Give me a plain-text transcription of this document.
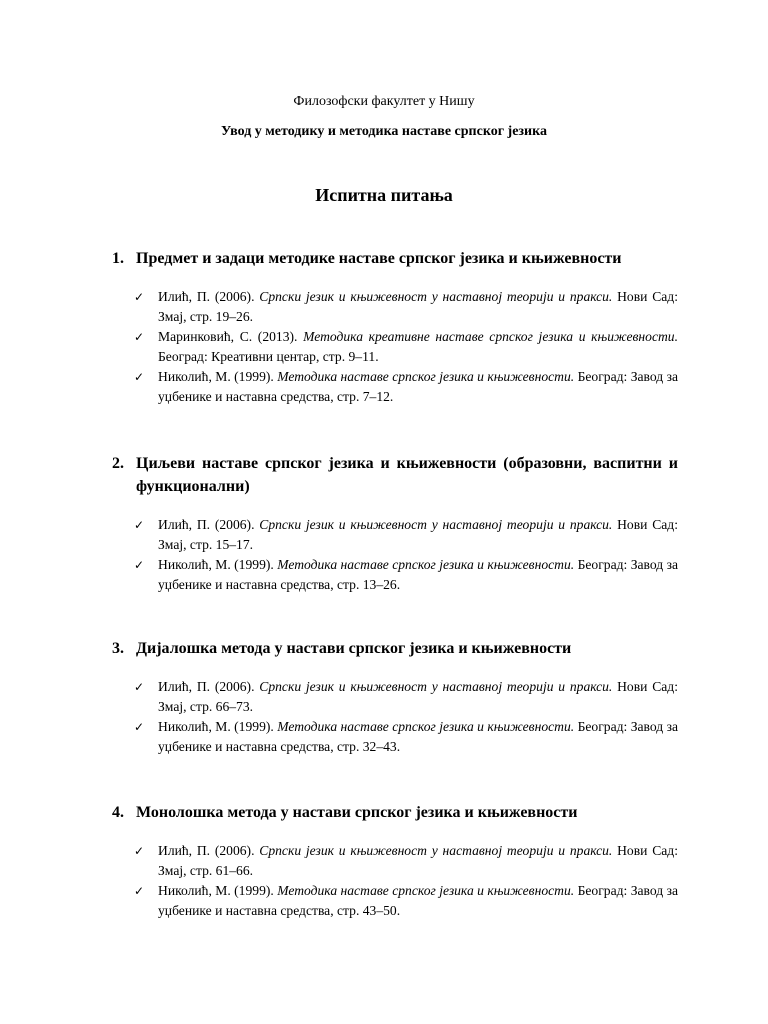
Филозофски факултет у Нишу
Увод у методику и методика наставе српског језика
Испитна питања
1. Предмет и задаци методике наставе српског језика и књижевности
✓	Илић, П. (2006). Српски језик и књижевност у наставној теорији и пракси. Нови Сад: Змај, стр. 19–26.
✓	Маринковић, С. (2013). Методика креативне наставе српског језика и књижевности. Београд: Креативни центар, стр. 9–11.
✓	Николић, М. (1999). Методика наставе српског језика и књижевности. Београд: Завод за уџбенике и наставна средства, стр. 7–12.
2. Циљеви наставе српског језика и књижевности (образовни, васпитни и функционални)
✓	Илић, П. (2006). Српски језик и књижевност у наставној теорији и пракси. Нови Сад: Змај, стр. 15–17.
✓	Николић, М. (1999). Методика наставе српског језика и књижевности. Београд: Завод за уџбенике и наставна средства, стр. 13–26.
3. Дијалошка метода у настави српског језика и књижевности
✓	Илић, П. (2006). Српски језик и књижевност у наставној теорији и пракси. Нови Сад: Змај, стр. 66–73.
✓	Николић, М. (1999). Методика наставе српског језика и књижевности. Београд: Завод за уџбенике и наставна средства, стр. 32–43.
4. Монолошка метода у настави српског језика и књижевности
✓	Илић, П. (2006). Српски језик и књижевност у наставној теорији и пракси. Нови Сад: Змај, стр. 61–66.
✓	Николић, М. (1999). Методика наставе српског језика и књижевности. Београд: Завод за уџбенике и наставна средства, стр. 43–50.
